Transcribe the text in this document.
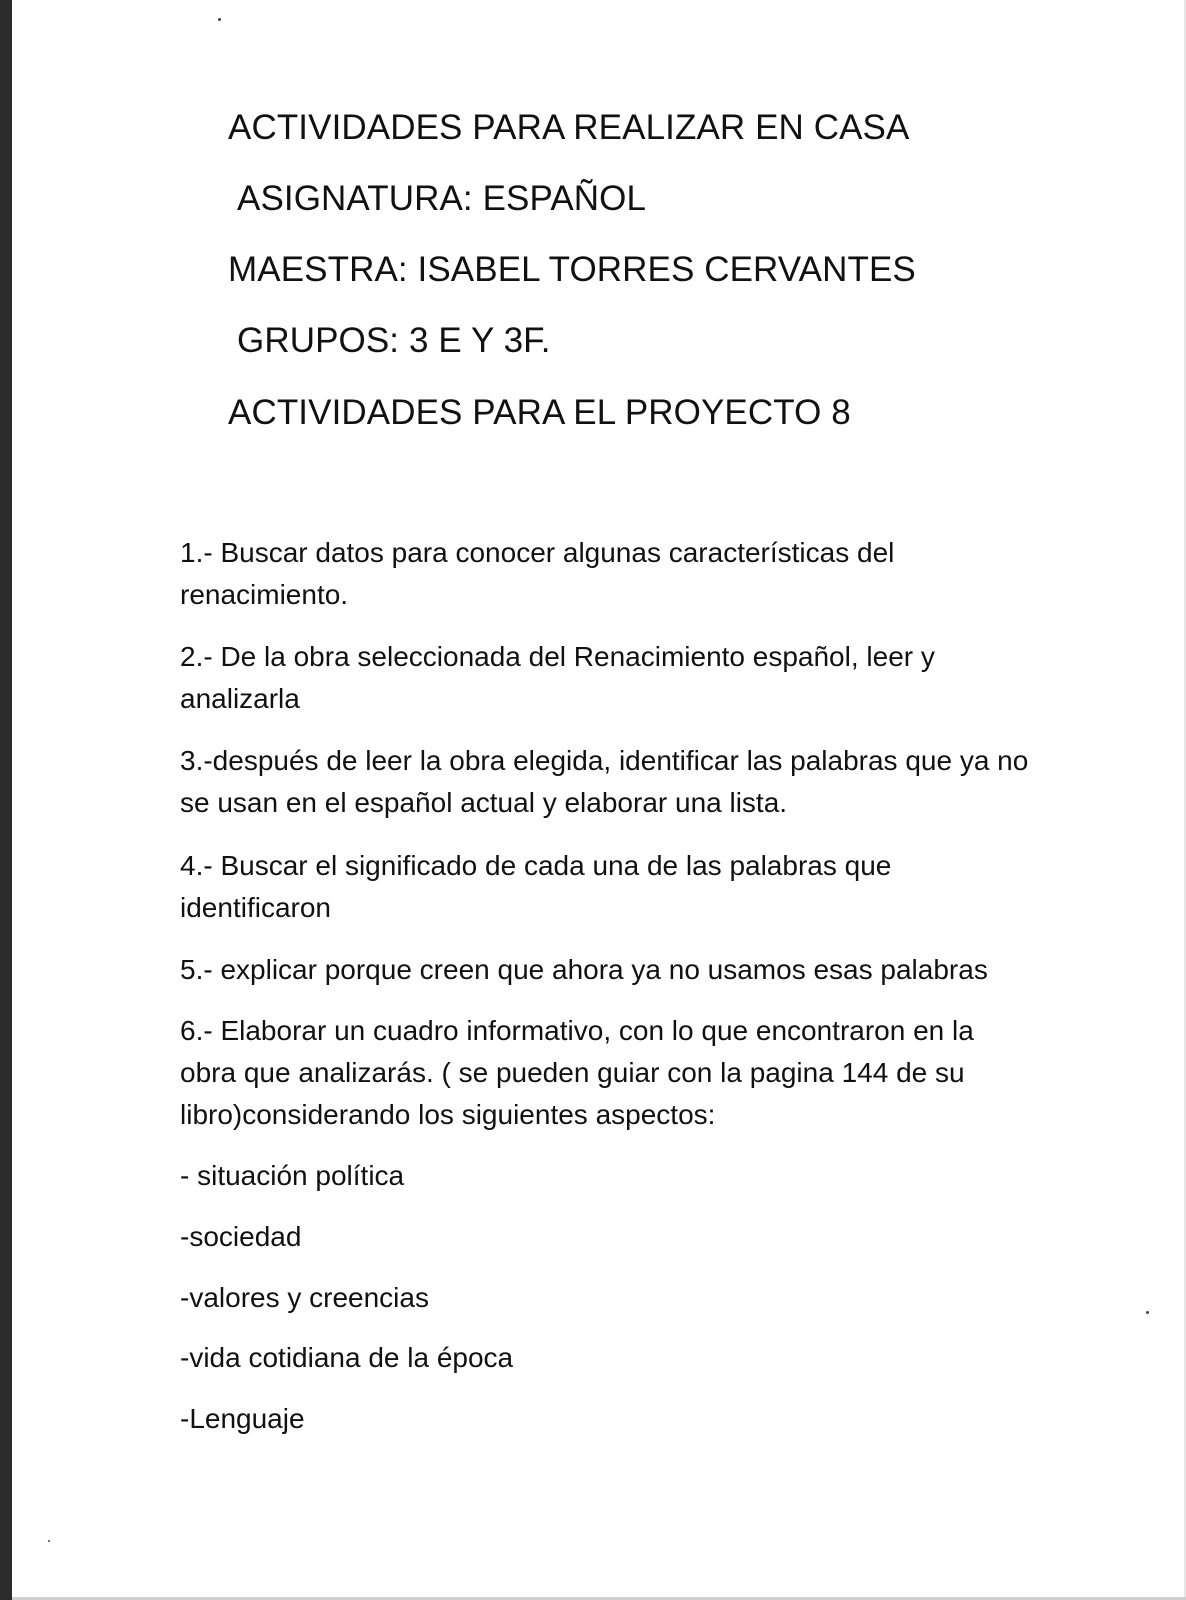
ACTIVIDADES PARA REALIZAR EN CASA
ASIGNATURA: ESPAÑOL
MAESTRA: ISABEL TORRES CERVANTES
GRUPOS: 3 E Y 3F.
ACTIVIDADES PARA EL PROYECTO 8
1.- Buscar datos para conocer algunas características del
renacimiento.
2.- De la obra seleccionada del Renacimiento español, leer y
analizarla
3.-después de leer la obra elegida, identificar las palabras que ya no
se usan en el español actual y elaborar una lista.
4.- Buscar el significado de cada una de las palabras que
identificaron
5.- explicar porque creen que ahora ya no usamos esas palabras
6.- Elaborar un cuadro informativo, con lo que encontraron en la
obra que analizarás. ( se pueden guiar con la pagina 144 de su
libro)considerando los siguientes aspectos:
- situación política
-sociedad
-valores y creencias
-vida cotidiana de la época
-Lenguaje
